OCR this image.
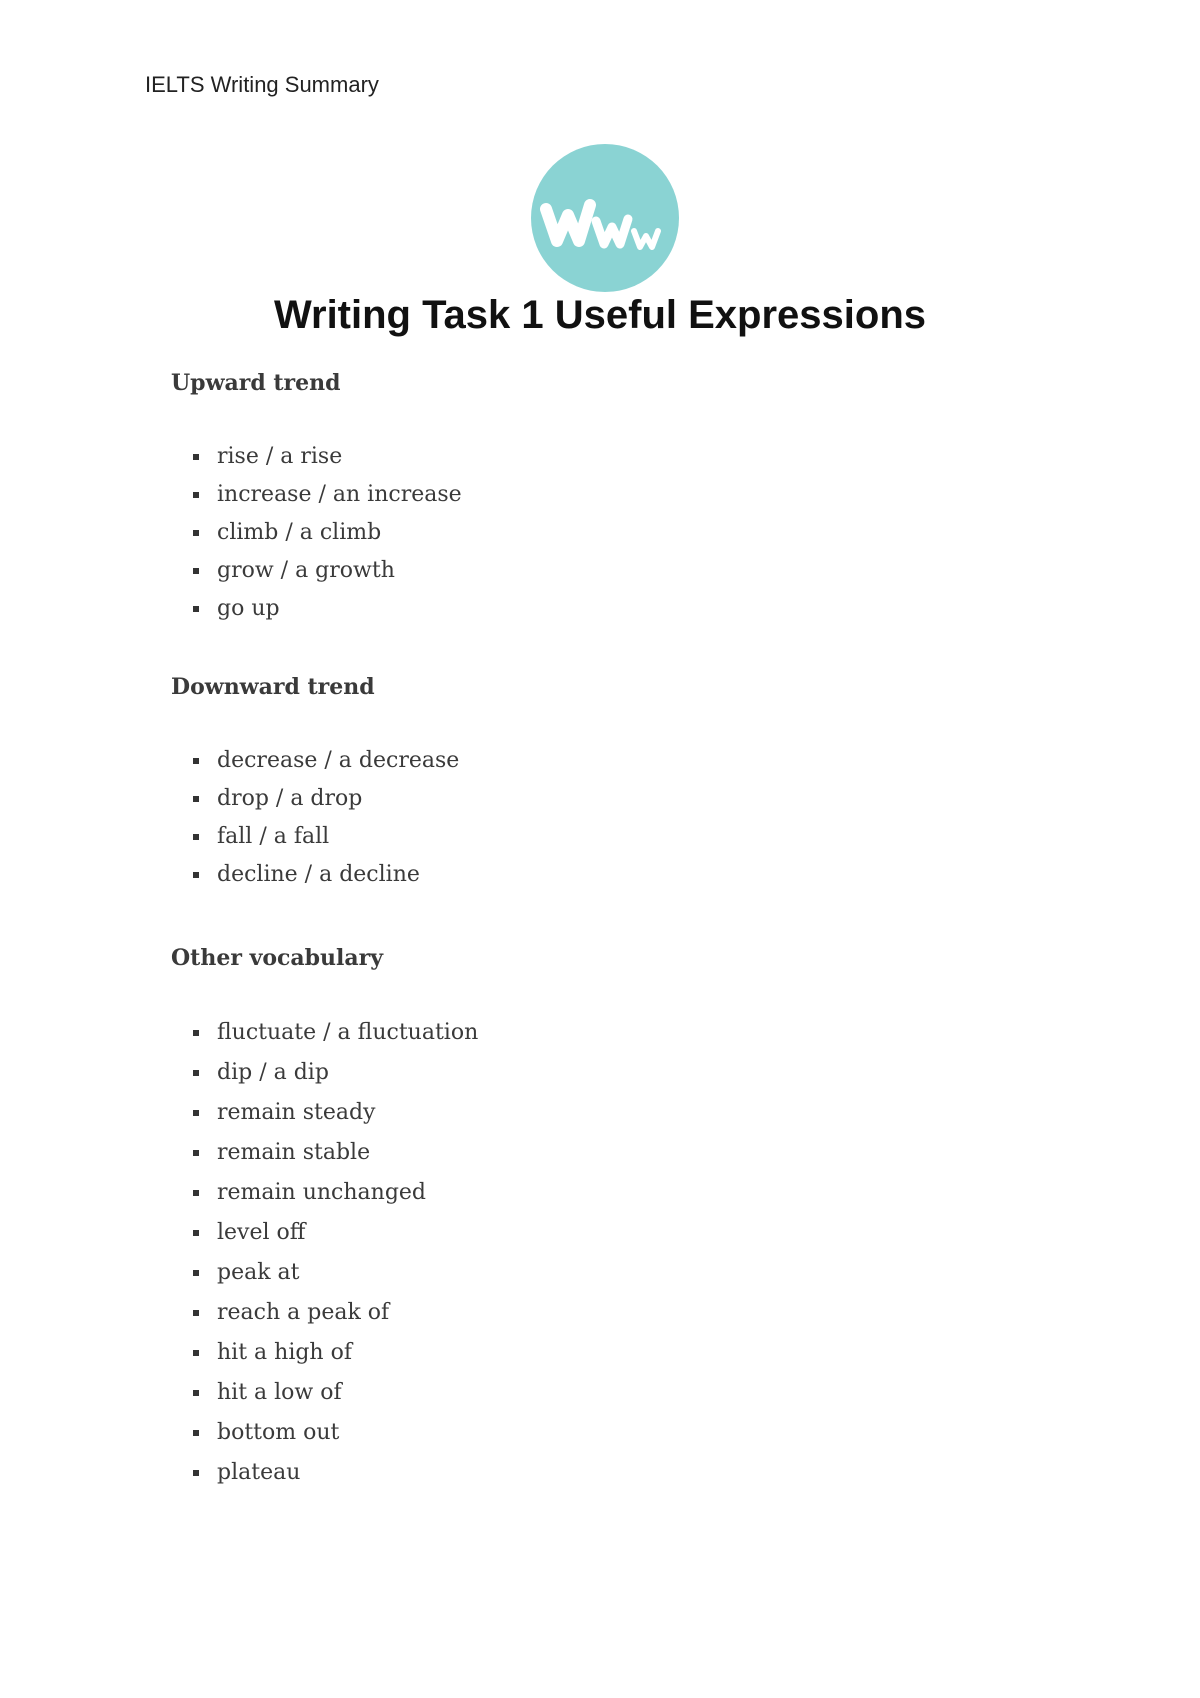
IELTS Writing Summary
Writing Task 1 Useful Expressions
Upward trend
rise / a rise
increase / an increase
climb / a climb
grow / a growth
go up
Downward trend
decrease / a decrease
drop / a drop
fall / a fall
decline / a decline
Other vocabulary
fluctuate / a fluctuation
dip / a dip
remain steady
remain stable
remain unchanged
level off
peak at
reach a peak of
hit a high of
hit a low of
bottom out
plateau
